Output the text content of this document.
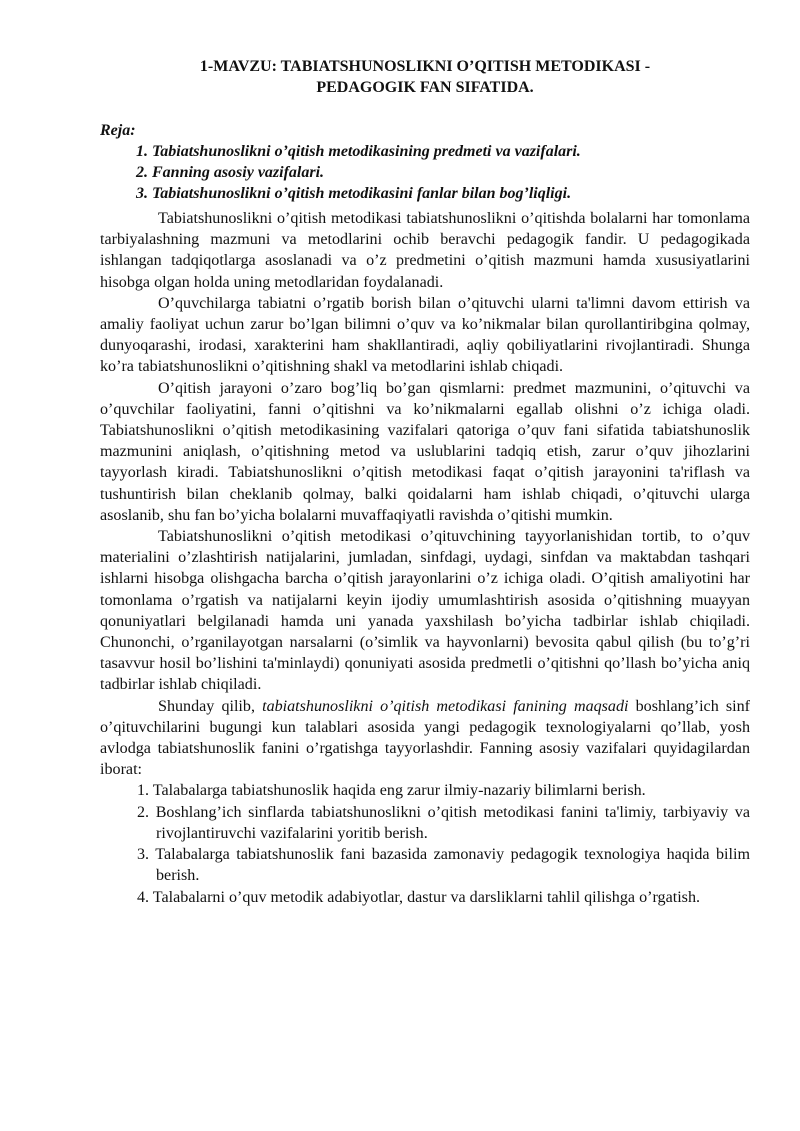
1-MAVZU: TABIATSHUNOSLIKNI O’QITISH METODIKASI -
PEDAGOGIK FAN SIFATIDA.

Reja:

1. Tabiatshunoslikni o’qitish metodikasining predmeti va vazifalari.
2. Fanning asosiy vazifalari.
3. Tabiatshunoslikni o’qitish metodikasini fanlar bilan bog’liqligi.

Tabiatshunoslikni o’qitish metodikasi tabiatshunoslikni o’qitishda bolalarni har tomonlama tarbiyalashning mazmuni va metodlarini ochib beravchi pedagogik fandir. U pedagogikada ishlangan tadqiqotlarga asoslanadi va o’z predmetini o’qitish mazmuni hamda xususiyatlarini hisobga olgan holda uning metodlaridan foydalanadi.

O’quvchilarga tabiatni o’rgatib borish bilan o’qituvchi ularni ta'limni davom ettirish va amaliy faoliyat uchun zarur bo’lgan bilimni o’quv va ko’nikmalar bilan qurollantiribgina qolmay, dunyoqarashi, irodasi, xarakterini ham shakllantiradi, aqliy qobiliyatlarini rivojlantiradi. Shunga ko’ra tabiatshunoslikni o’qitishning shakl va metodlarini ishlab chiqadi.

O’qitish jarayoni o’zaro bog’liq bo’gan qismlarni: predmet mazmunini, o’qituvchi va o’quvchilar faoliyatini, fanni o’qitishni va ko’nikmalarni egallab olishni o’z ichiga oladi. Tabiatshunoslikni o’qitish metodikasining vazifalari qatoriga o’quv fani sifatida tabiatshunoslik mazmunini aniqlash, o’qitishning metod va uslublarini tadqiq etish, zarur o’quv jihozlarini tayyorlash kiradi. Tabiatshunoslikni o’qitish metodikasi faqat o’qitish jarayonini ta'riflash va tushuntirish bilan cheklanib qolmay, balki qoidalarni ham ishlab chiqadi, o’qituvchi ularga asoslanib, shu fan bo’yicha bolalarni muvaffaqiyatli ravishda o’qitishi mumkin.

Tabiatshunoslikni o’qitish metodikasi o’qituvchining tayyorlanishidan tortib, to o’quv materialini o’zlashtirish natijalarini, jumladan, sinfdagi, uydagi, sinfdan va maktabdan tashqari ishlarni hisobga olishgacha barcha o’qitish jarayonlarini o’z ichiga oladi. O’qitish amaliyotini har tomonlama o’rgatish va natijalarni keyin ijodiy umumlashtirish asosida o’qitishning muayyan qonuniyatlari belgilanadi hamda uni yanada yaxshilash bo’yicha tadbirlar ishlab chiqiladi. Chunonchi, o’rganilayotgan narsalarni (o’simlik va hayvonlarni) bevosita qabul qilish (bu to’g’ri tasavvur hosil bo’lishini ta'minlaydi) qonuniyati asosida predmetli o’qitishni qo’llash bo’yicha aniq tadbirlar ishlab chiqiladi.

Shunday qilib, tabiatshunoslikni o’qitish metodikasi fanining maqsadi boshlang’ich sinf o’qituvchilarini bugungi kun talablari asosida yangi pedagogik texnologiyalarni qo’llab, yosh avlodga tabiatshunoslik fanini o’rgatishga tayyorlashdir. Fanning asosiy vazifalari quyidagilardan iborat:

1. Talabalarga tabiatshunoslik haqida eng zarur ilmiy-nazariy bilimlarni berish.
2. Boshlang’ich sinflarda tabiatshunoslikni o’qitish metodikasi fanini ta'limiy, tarbiyaviy va rivojlantiruvchi vazifalarini yoritib berish.
3. Talabalarga tabiatshunoslik fani bazasida zamonaviy pedagogik texnologiya haqida bilim berish.
4. Talabalarni o’quv metodik adabiyotlar, dastur va darsliklarni tahlil qilishga o’rgatish.
